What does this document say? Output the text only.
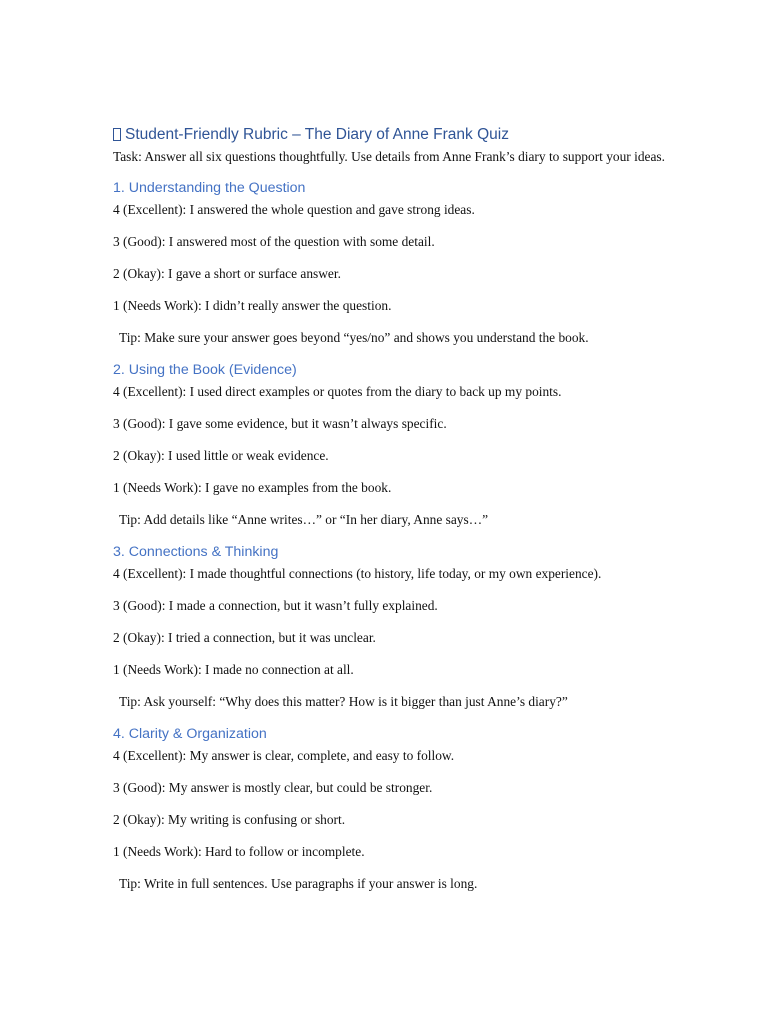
Student-Friendly Rubric – The Diary of Anne Frank Quiz

Task: Answer all six questions thoughtfully. Use details from Anne Frank’s diary to support your ideas.

1. Understanding the Question

4 (Excellent): I answered the whole question and gave strong ideas.

3 (Good): I answered most of the question with some detail.

2 (Okay): I gave a short or surface answer.

1 (Needs Work): I didn’t really answer the question.

Tip: Make sure your answer goes beyond “yes/no” and shows you understand the book.

2. Using the Book (Evidence)

4 (Excellent): I used direct examples or quotes from the diary to back up my points.

3 (Good): I gave some evidence, but it wasn’t always specific.

2 (Okay): I used little or weak evidence.

1 (Needs Work): I gave no examples from the book.

Tip: Add details like “Anne writes…” or “In her diary, Anne says…”

3. Connections & Thinking

4 (Excellent): I made thoughtful connections (to history, life today, or my own experience).

3 (Good): I made a connection, but it wasn’t fully explained.

2 (Okay): I tried a connection, but it was unclear.

1 (Needs Work): I made no connection at all.

Tip: Ask yourself: “Why does this matter? How is it bigger than just Anne’s diary?”

4. Clarity & Organization

4 (Excellent): My answer is clear, complete, and easy to follow.

3 (Good): My answer is mostly clear, but could be stronger.

2 (Okay): My writing is confusing or short.

1 (Needs Work): Hard to follow or incomplete.

Tip: Write in full sentences. Use paragraphs if your answer is long.
